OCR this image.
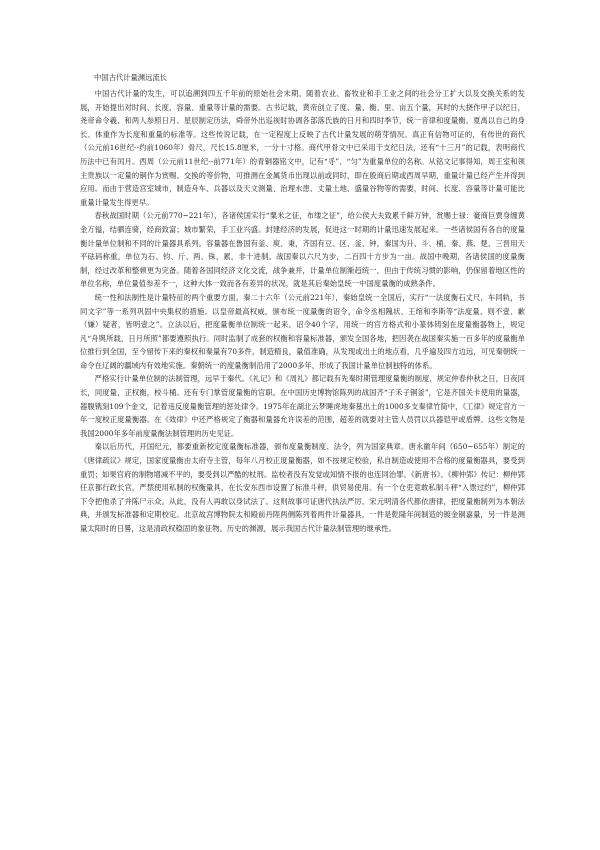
中国古代计量渊远流长

中国古代计量的发生，可以追溯到四五千年前的原始社会末期。随着农业、畜牧业和手工业之间的社会分工扩大以及交换关系的发展，开始提出对时间、长度、容量、重量等计量的需要。古书记载，黄帝创立了度、量、衡、里、亩五个量，其时的大挠作甲子以纪日，尧帝命令羲、和两人参照日月、星辰制定历法，舜帝外出巡视时协调各部落氏族的日月和四时季节，统一音律和度量衡。夏禹以自己的身长、体重作为长度和重量的标准等。这些传说记载，在一定程度上反映了古代计量发展的萌芽情况。真正有信物可证的，有传世的商代（公元前16世纪--约前1060年）骨尺，尺长15.8厘米，一分十寸格。商代甲骨文中已采用干支纪日法，还有“十三月”的记载，表明商代历法中已有闰月。西周（公元前11世纪--前771年）的青铜器铭文中，记有“寽”、“匀”为重量单位的名称。从铭文记事得知，周王室和领主贵族以一定量的铜作为赏赐、交换的等价物，可推测在金属货币出现以前或同时，即在殷商后期或西周早期，重量计量已经产生并得到应用。而由于营造宫室城市，制造舟车、兵器以及天文测量、治理水患、丈量土地、盛量谷物等的需要，时间、长度、容量等计量可能比重量计量发生得更早。

春秋战国时期（公元前770~221年），各诸侯国实行“粟米之征，布缕之征”，给公侯大夫致累千鲜万钟，赏赐士禄：豪商巨贾身缠黄金万镒，结驷连骑，经商致富；城市繁荣，手工业兴盛。封建经济的发展，促进这一时期的计量迅速发展起来。一些诸侯国有各自的度量衡计量单位制和不同的计量器具系列。容量器在鲁国有釜、庾、秉，齐国有豆、区、釜、钟，秦国为升、斗、桶。秦、燕、楚、三晋用天平砝码称重，单位为石、钧、斤、两、铢、累，非十进制。战国秦以六尺为步，二百四十方步为一亩。战国中晚期，各诸侯国的度量衡制，经过改革和整顿更为完备。随着各国同经济文化交流，战争兼并，计量单位制渐趋统一，但由于传统习惯的影响，仍保留着地区性的单位名称，单位量值参差不一，这种大体一致而各有差异的状况，就是其后秦始皇统一中国度量衡的成熟条件。

统一性和法制性是计量特征的两个重要方面。秦二十六年（公元前221年），秦始皇统一全国后，实行“一法度衡石丈尺，车同轨，书同文字”等一系列巩固中央集权的措施。以皇帝最高权威，颁布统一度量衡的诏令，命令丞相隗状、王绾和李斯等“法度量、则不壹、歉（嫌）疑者，皆明壹之”。立法以后，把度量衡单位制统一起来。诏令40个字，用统一的官方格式和小篆体铸刻在度量衡器物上，规定凡“舟舆所载，日月所照”都要遵照执行。同时监制了成套的权衡和容量标准器，颁发全国各地，把因袭在战国秦实施一百多年的度量衡单位推行到全国，至今留传下来的秦权和秦量有70多件，制造精良，量值准确，从发现或出土的地点看，几乎遍及四方边远，可见秦朝统一命令在辽阔的疆域内有效地实施。秦朝统一的度量衡制沿用了2000多年，形成了我国计量单位制独特的体系。

严格实行计量单位制的法制管理，远早于秦代。《礼记》和《周礼》都记载有先秦时期管理度量衡的制度，规定仲春仲秋之日，日夜同长，同度量，正权衡，校斗桶。还有专门掌管度量衡的官职。在中国历史博物馆陈列的战国齐“子禾子铜釜”，它是齐国关卡使用的量器，器腹镌刻109个金文，记着违反度量衡管理的惩处律令。1975年在湖北云梦睡虎地秦墓出土的1000多支秦律竹简中，《工律》规定官方一年一度校正度量衡器。在《效律》中还严格规定了衡器和量器允许误差的范围，超差的就要对主管人员罚以兵器铠甲或盾牌。这些文物是我国2000年多年前度量衡法制管理的历史见证。

秦以后历代，开国纪元，都要重新校定度量衡标准器，颁布度量衡制度、法令，列为国家典章。唐永徽年间（650~655年）制定的《唐律疏议》规定，国家度量衡由太府寺主管，每年八月校正度量衡器，如不按规定校验，私自制造或使用不合格的度量衡器具，要受到重罚；如果官府的制物增减不平的，要受到以严酷的杖刑。监校者没有发觉或知情不报的也连同治罪。《新唐书》、《柳仲郢》传记：柳仲郢任京都行政长官，严禁使用私制的权衡量具，在长安东西市设置了标准斗秤，供贸易使用。有一个仓吏竟敢私制斗秤“入票过约”，柳仲郢下令把他杀了并陈尸示众。从此，没有人再敢以身试法了。这则故事可证唐代执法严厉。宋元明清各代都依唐律，把度量衡制列为本朝法典，并颁发标准器和定期校定。北京故宫博物院太和殿前丹陛两侧陈列着两件计量器具，一件是乾隆年间制造的镀金铜嘉量，另一件是测量太阳时的日晷，这是清政权稳固的象征物。历史的渊源，展示我国古代计量法制管理的继承性。
